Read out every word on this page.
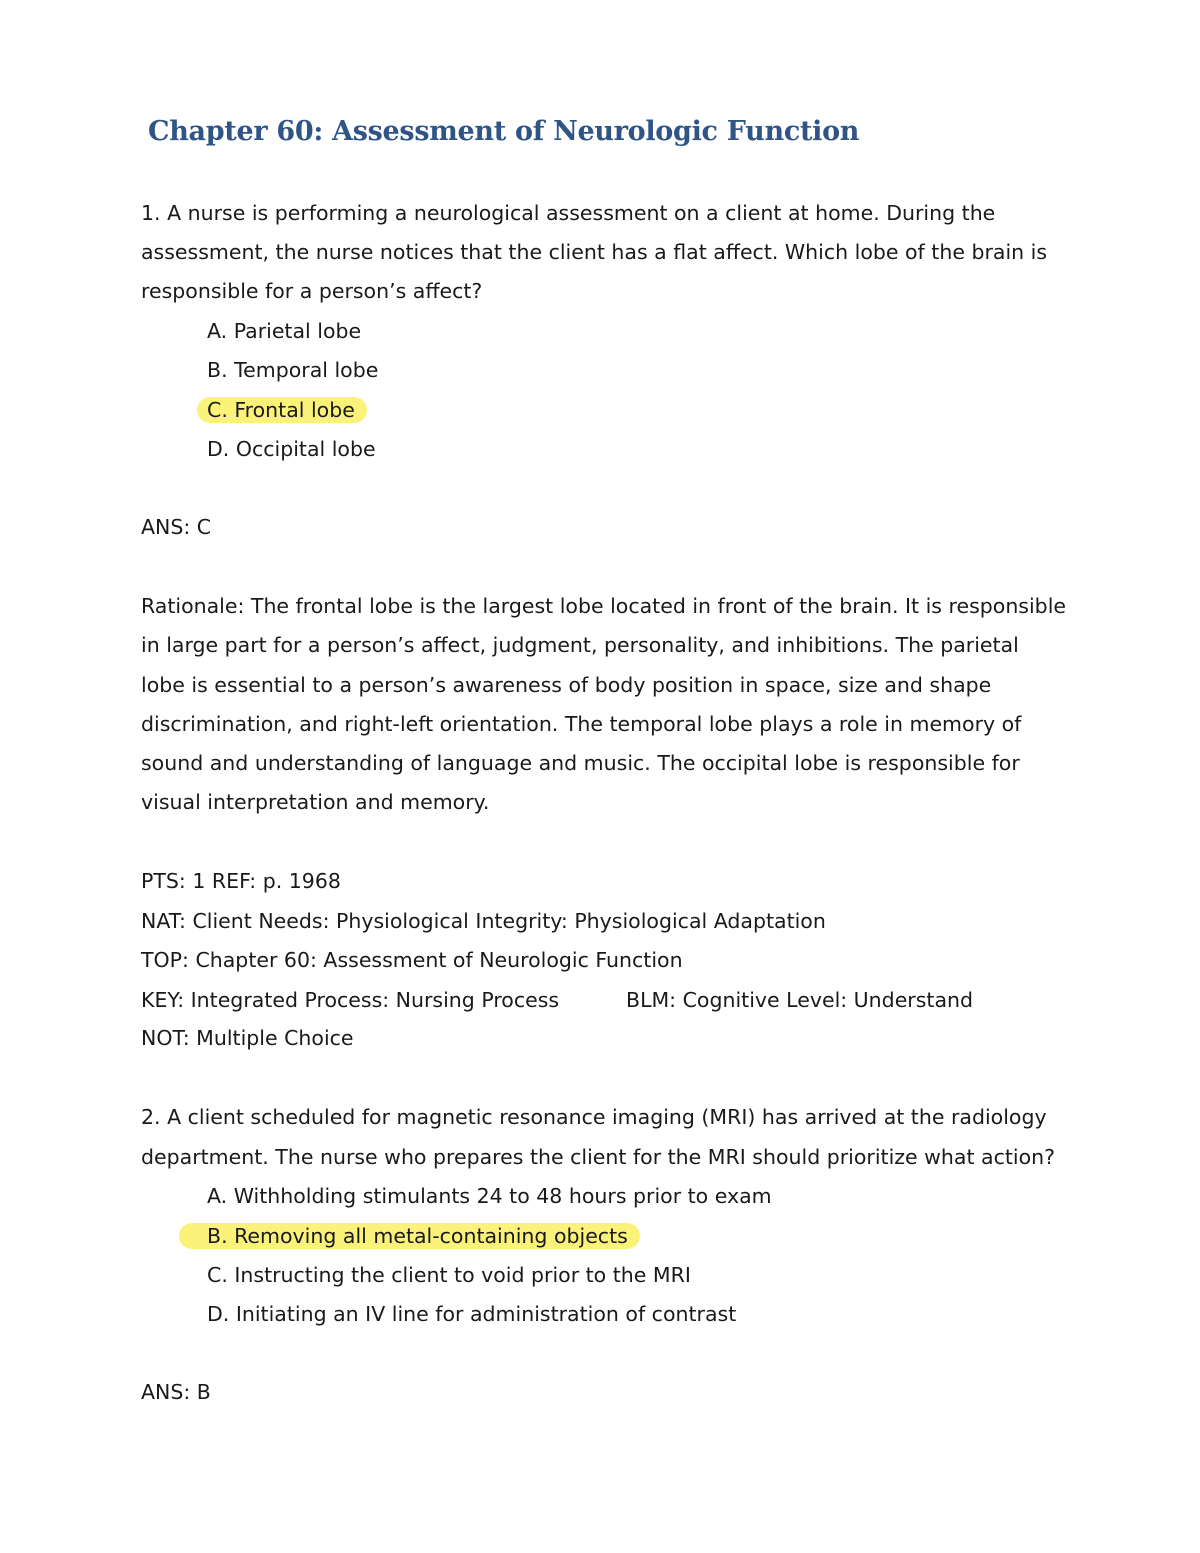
Chapter 60: Assessment of Neurologic Function
1. A nurse is performing a neurological assessment on a client at home. During the
assessment, the nurse notices that the client has a flat affect. Which lobe of the brain is
responsible for a person’s affect?
A. Parietal lobe
B. Temporal lobe
C. Frontal lobe
D. Occipital lobe
ANS: C
Rationale: The frontal lobe is the largest lobe located in front of the brain. It is responsible
in large part for a person’s affect, judgment, personality, and inhibitions. The parietal
lobe is essential to a person’s awareness of body position in space, size and shape
discrimination, and right-left orientation. The temporal lobe plays a role in memory of
sound and understanding of language and music. The occipital lobe is responsible for
visual interpretation and memory.
PTS: 1 REF: p. 1968
NAT: Client Needs: Physiological Integrity: Physiological Adaptation
TOP: Chapter 60: Assessment of Neurologic Function
KEY: Integrated Process: Nursing Process	BLM: Cognitive Level: Understand
NOT: Multiple Choice
2. A client scheduled for magnetic resonance imaging (MRI) has arrived at the radiology
department. The nurse who prepares the client for the MRI should prioritize what action?
A. Withholding stimulants 24 to 48 hours prior to exam
B. Removing all metal-containing objects
C. Instructing the client to void prior to the MRI
D. Initiating an IV line for administration of contrast
ANS: B
